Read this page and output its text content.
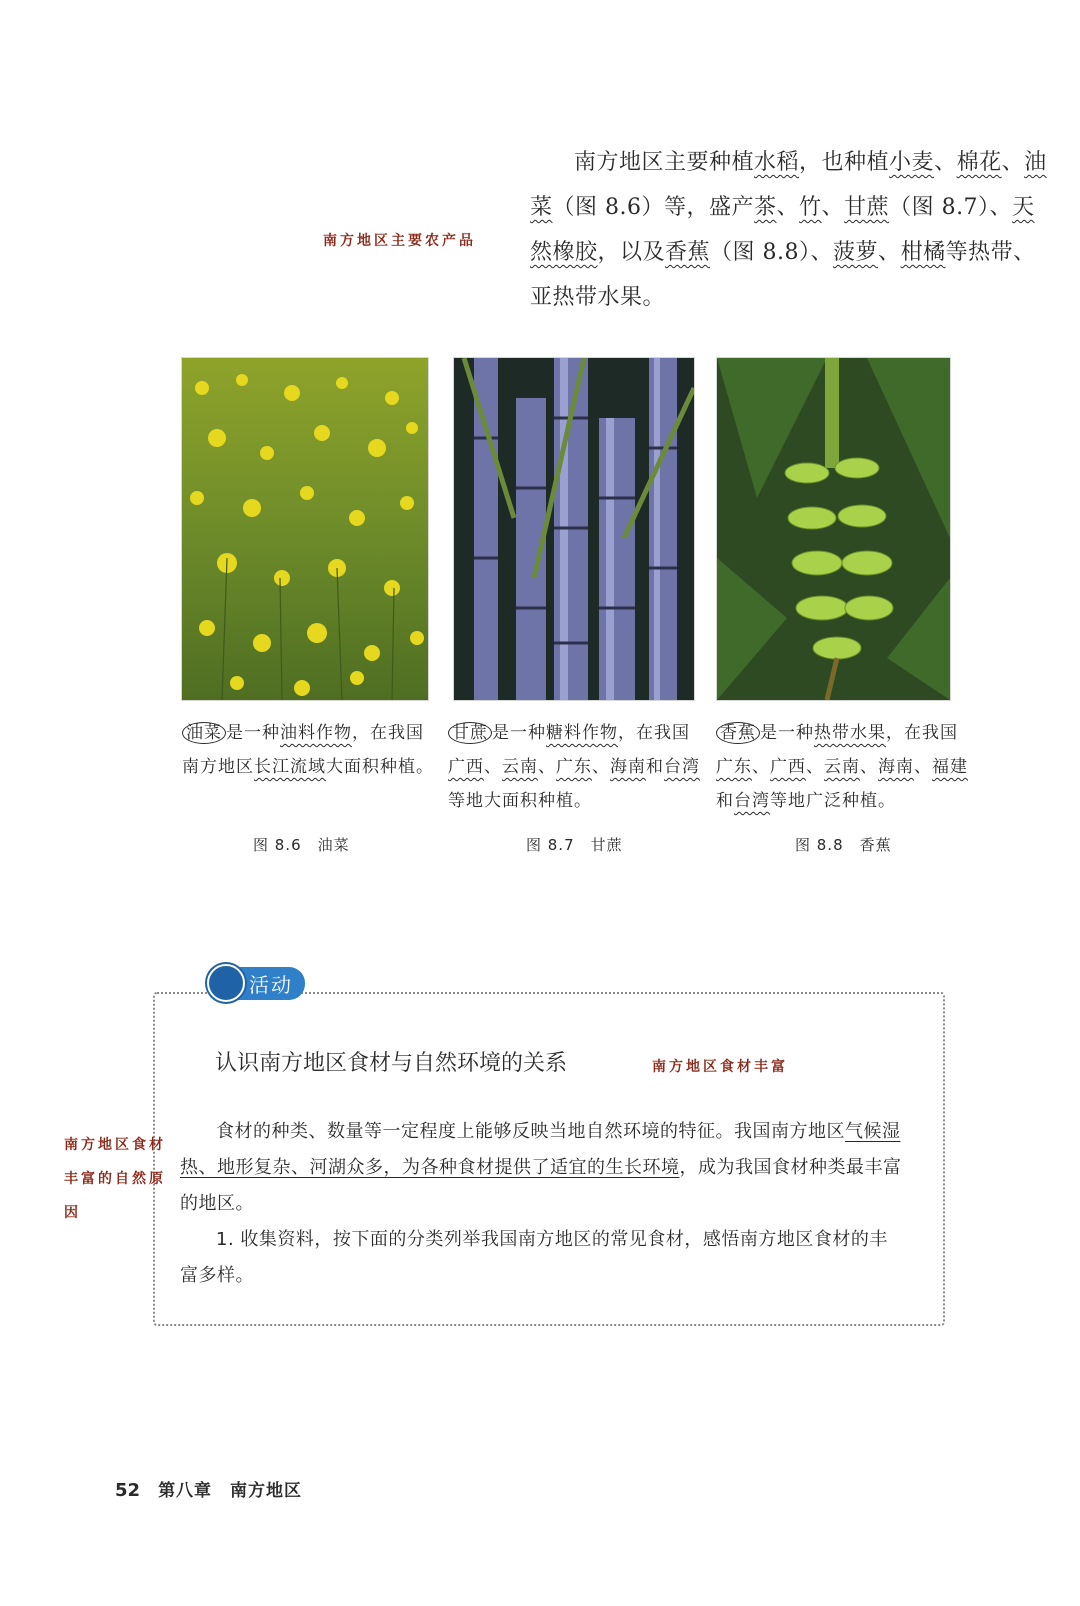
南方地区主要种植水稻，也种植小麦、棉花、油菜（图 8.6）等，盛产茶、竹、甘蔗（图 8.7）、天然橡胶，以及香蕉（图 8.8）、菠萝、柑橘等热带、亚热带水果。

南方地区主要农产品
油菜 是一种油料作物，在我国南方地区长江流域大面积种植。
甘蔗 是一种糖料作物，在我国广西、云南、广东、海南和台湾等地大面积种植。
香蕉 是一种热带水果，在我国广东、广西、云南、海南、福建和台湾等地广泛种植。
图 8.6　 油菜	图 8.7　 甘蔗	图 8.8　 香蕉
活动
认识南方地区食材与自然环境的关系	南方地区食材丰富

食材的种类、数量等一定程度上能够反映当地自然环境的特征。我国南方地区气候湿热、地形复杂、河湖众多，为各种食材提供了适宜的生长环境，成为我国食材种类最丰富的地区。

1. 收集资料，按下面的分类列举我国南方地区的常见食材，感悟南方地区食材的丰富多样。

南方地区食材丰富的自然原因
52 第八章　南方地区
